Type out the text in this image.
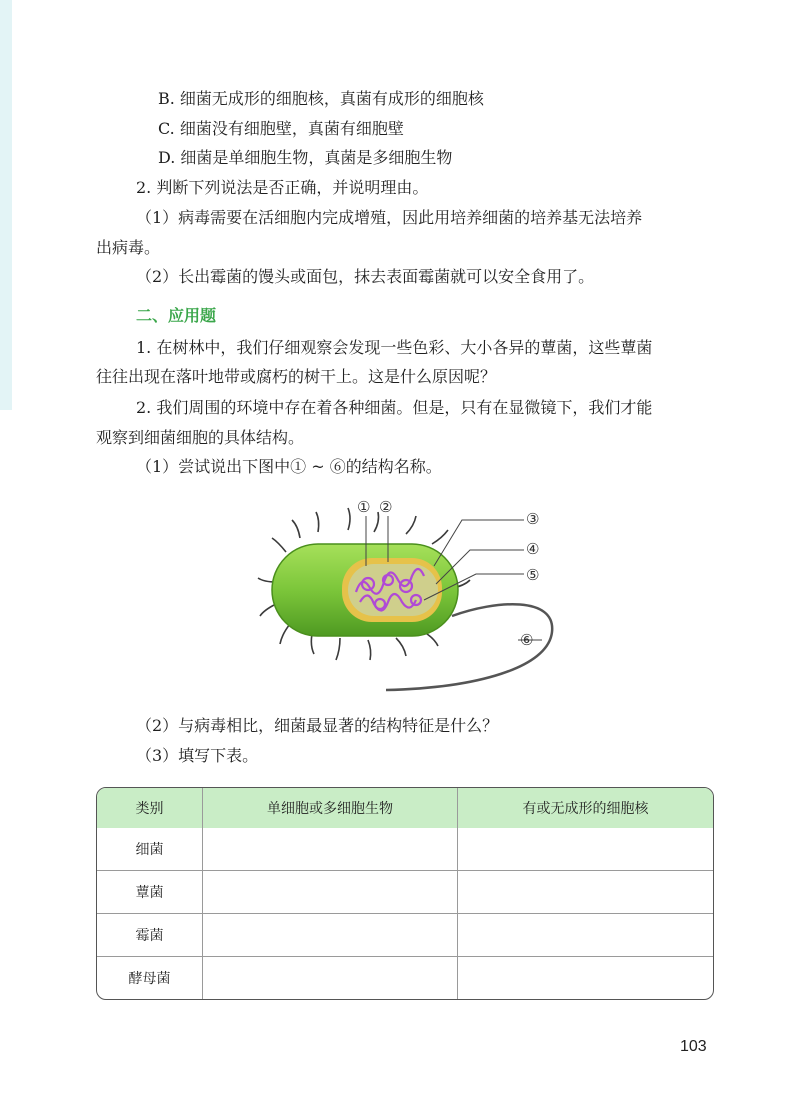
B. 细菌无成形的细胞核，真菌有成形的细胞核
C. 细菌没有细胞壁，真菌有细胞壁
D. 细菌是单细胞生物，真菌是多细胞生物
2. 判断下列说法是否正确，并说明理由。
（1）病毒需要在活细胞内完成增殖，因此用培养细菌的培养基无法培养
出病毒。
（2）长出霉菌的馒头或面包，抹去表面霉菌就可以安全食用了。
二、应用题
1. 在树林中，我们仔细观察会发现一些色彩、大小各异的蕈菌，这些蕈菌
往往出现在落叶地带或腐朽的树干上。这是什么原因呢？
2. 我们周围的环境中存在着各种细菌。但是，只有在显微镜下，我们才能
观察到细菌细胞的具体结构。
（1）尝试说出下图中① ~ ⑥的结构名称。
① ②
③
④
⑤
⑥
（2）与病毒相比，细菌最显著的结构特征是什么？
（3）填写下表。
类别	单细胞或多细胞生物	有或无成形的细胞核
细菌		
蕈菌		
霉菌		
酵母菌		
103
